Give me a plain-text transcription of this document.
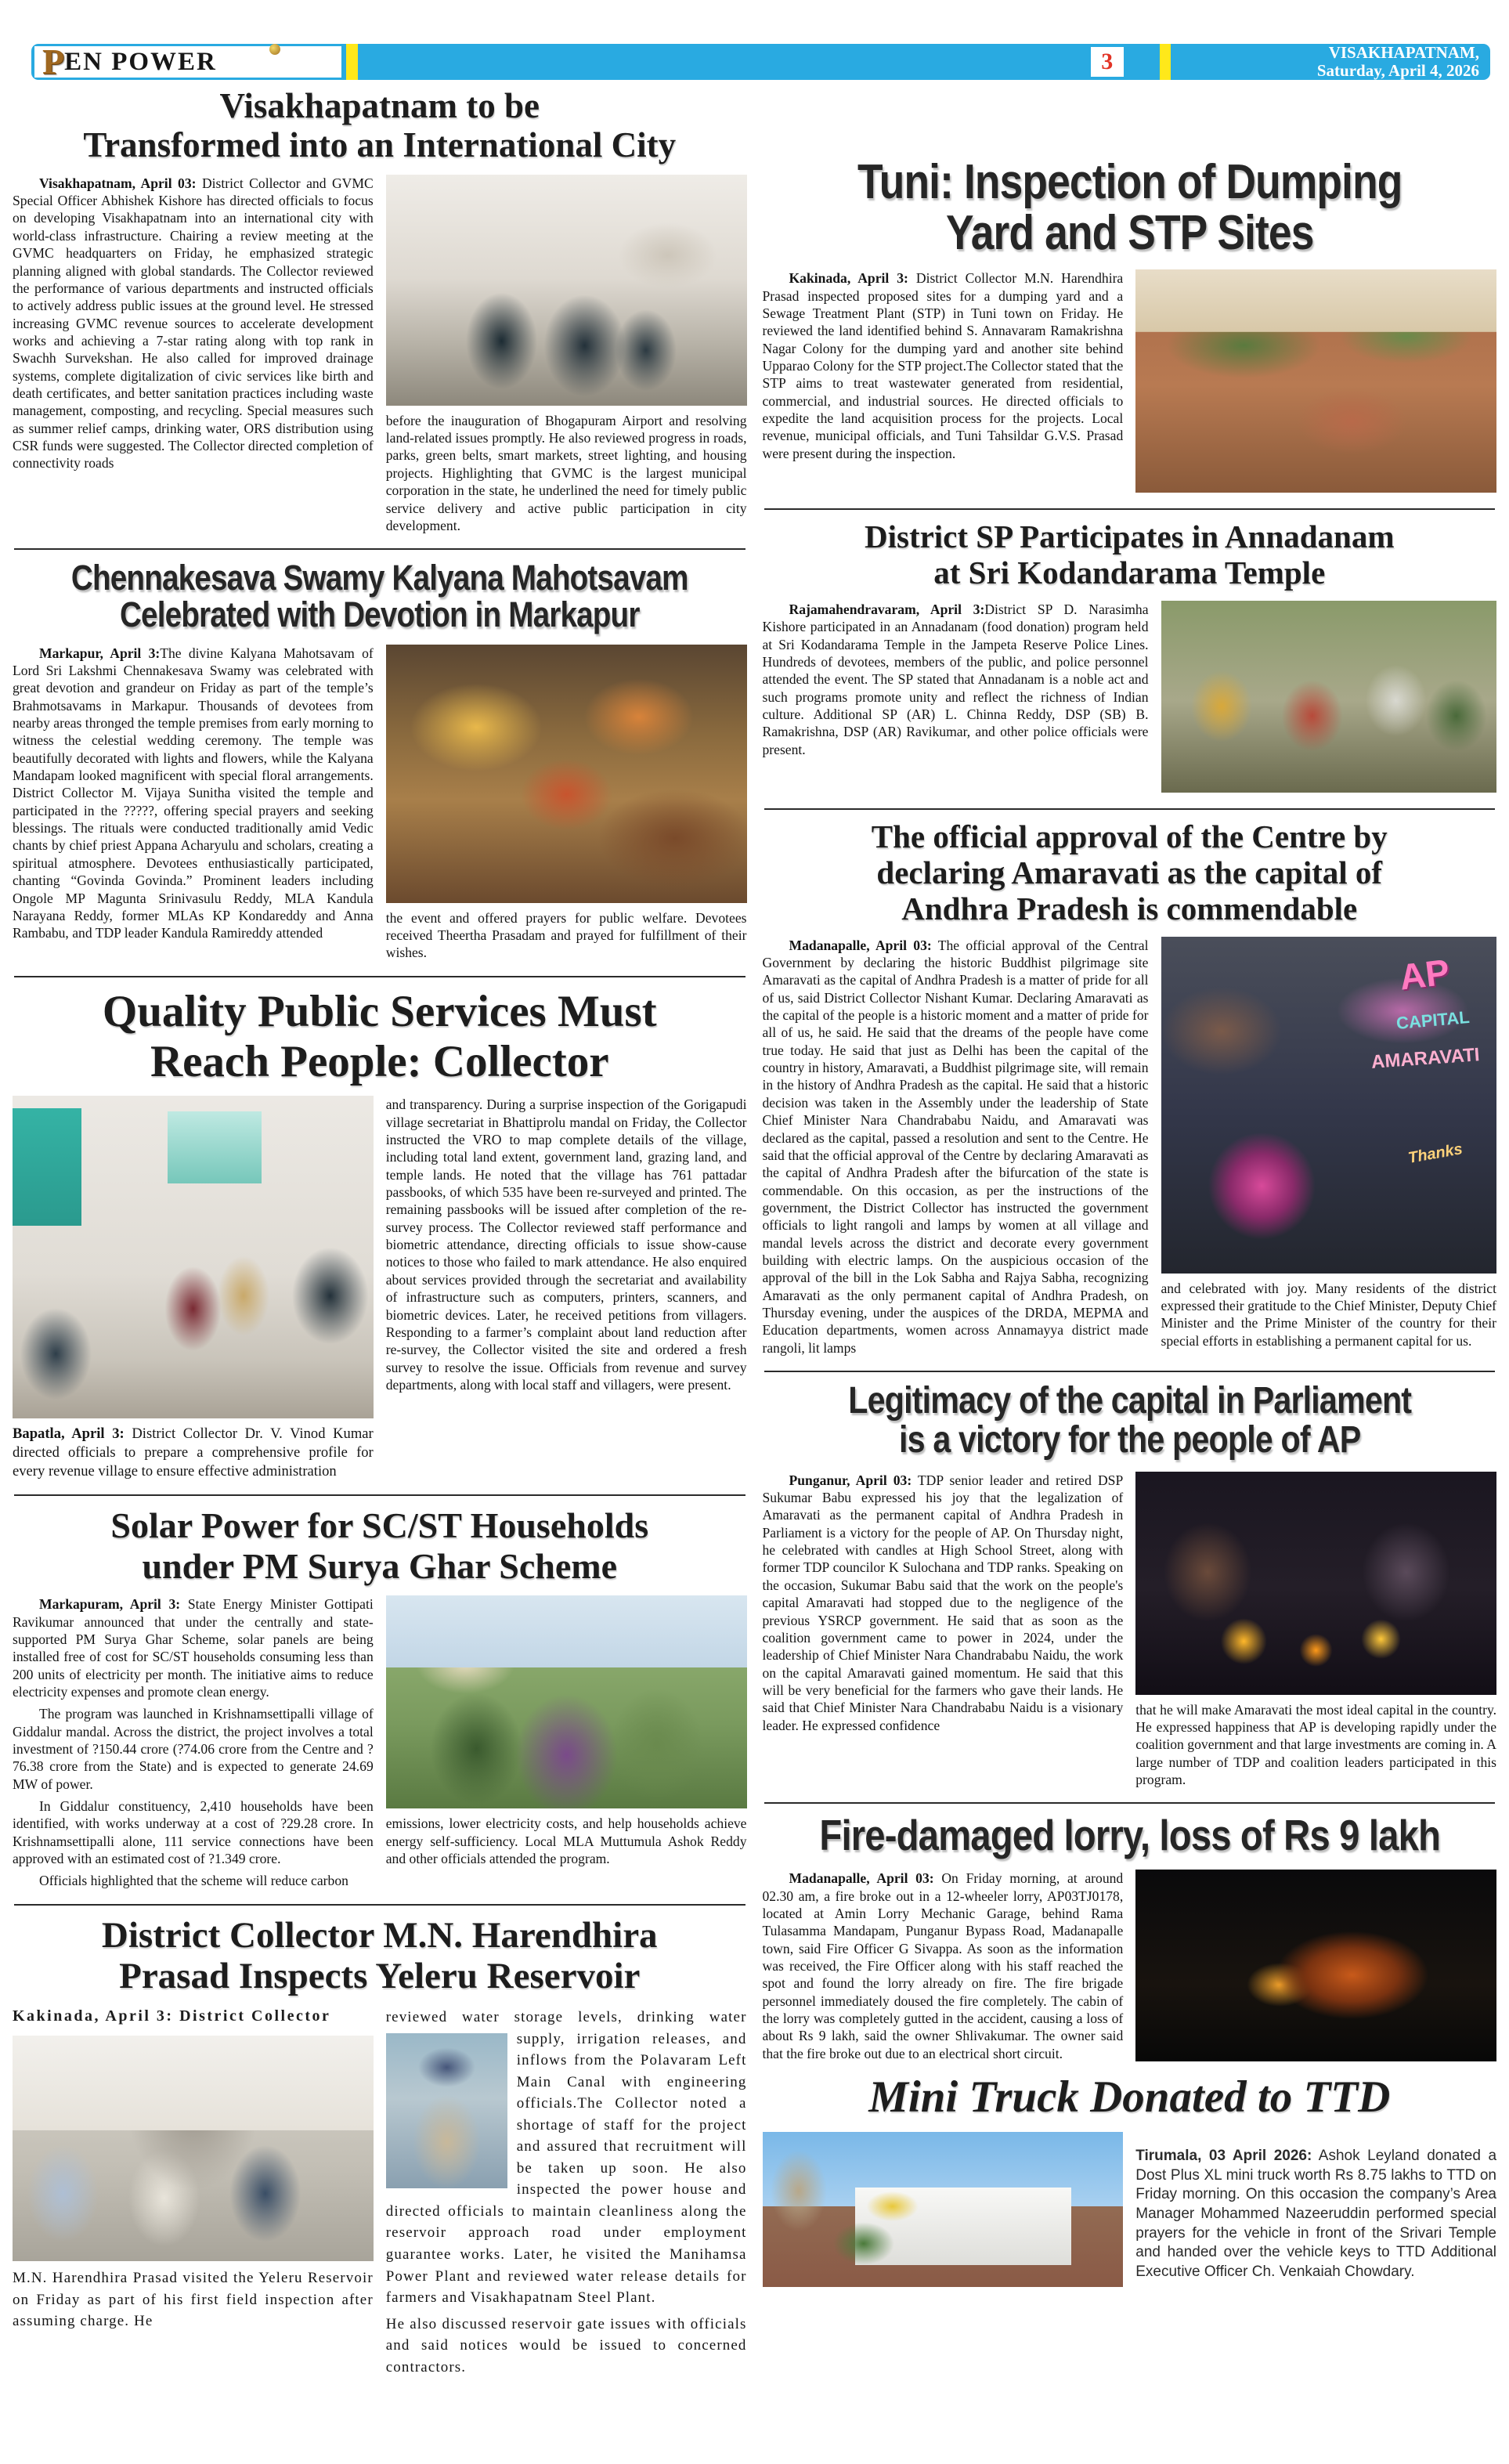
P EN POWER	3	VISAKHAPATNAM,
Saturday, April 4, 2026
Visakhapatnam to be
Transformed into an International City

Visakhapatnam, April 03: District Collector and GVMC Special Officer Abhishek Kishore has directed officials to focus on developing Visakhapatnam into an international city with world-class infrastructure. Chairing a review meeting at the GVMC headquarters on Friday, he emphasized strategic planning aligned with global standards. The Collector reviewed the performance of various departments and instructed officials to actively address public issues at the ground level. He stressed increasing GVMC revenue sources to accelerate development works and achieving a 7-star rating along with top rank in Swachh Survekshan. He also called for improved drainage systems, complete digitalization of civic services like birth and death certificates, and better sanitation practices including waste management, composting, and recycling. Special measures such as summer relief camps, drinking water, ORS distribution using CSR funds were suggested. The Collector directed completion of connectivity roads

before the inauguration of Bhogapuram Airport and resolving land-related issues promptly. He also reviewed progress in roads, parks, green belts, smart markets, street lighting, and housing projects. Highlighting that GVMC is the largest municipal corporation in the state, he underlined the need for timely public service delivery and active public participation in city development.

Chennakesava Swamy Kalyana Mahotsavam
Celebrated with Devotion in Markapur

Markapur, April 3:The divine Kalyana Mahotsavam of Lord Sri Lakshmi Chennakesava Swamy was celebrated with great devotion and grandeur on Friday as part of the temple’s Brahmotsavams in Markapur. Thousands of devotees from nearby areas thronged the temple premises from early morning to witness the celestial wedding ceremony. The temple was beautifully decorated with lights and flowers, while the Kalyana Mandapam looked magnificent with special floral arrangements. District Collector M. Vijaya Sunitha visited the temple and participated in the ?????, offering special prayers and seeking blessings. The rituals were conducted traditionally amid Vedic chants by chief priest Appana Acharyulu and scholars, creating a spiritual atmosphere. Devotees enthusiastically participated, chanting “Govinda Govinda.” Prominent leaders including Ongole MP Magunta Srinivasulu Reddy, MLA Kandula Narayana Reddy, former MLAs KP Kondareddy and Anna Rambabu, and TDP leader Kandula Ramireddy attended

the event and offered prayers for public welfare. Devotees received Theertha Prasadam and prayed for fulfillment of their wishes.

Quality Public Services Must
Reach People: Collector

Bapatla, April 3: District Collector Dr. V. Vinod Kumar directed officials to prepare a comprehensive profile for every revenue village to ensure effective administration

and transparency. During a surprise inspection of the Gorigapudi village secretariat in Bhattiprolu mandal on Friday, the Collector instructed the VRO to map complete details of the village, including total land extent, government land, grazing land, and temple lands. He noted that the village has 761 pattadar passbooks, of which 535 have been re-surveyed and printed. The remaining passbooks will be issued after completion of the re-survey process. The Collector reviewed staff performance and biometric attendance, directing officials to issue show-cause notices to those who failed to mark attendance. He also enquired about services provided through the secretariat and availability of infrastructure such as computers, printers, scanners, and biometric devices. Later, he received petitions from villagers. Responding to a farmer’s complaint about land reduction after re-survey, the Collector visited the site and ordered a fresh survey to resolve the issue. Officials from revenue and survey departments, along with local staff and villagers, were present.

Solar Power for SC/ST Households
under PM Surya Ghar Scheme

Markapuram, April 3: State Energy Minister Gottipati Ravikumar announced that under the centrally and state-supported PM Surya Ghar Scheme, solar panels are being installed free of cost for SC/ST households consuming less than 200 units of electricity per month. The initiative aims to reduce electricity expenses and promote clean energy.

The program was launched in Krishnamsettipalli village of Giddalur mandal. Across the district, the project involves a total investment of ?150.44 crore (?74.06 crore from the Centre and ?76.38 crore from the State) and is expected to generate 24.69 MW of power.

In Giddalur constituency, 2,410 households have been identified, with works underway at a cost of ?29.28 crore. In Krishnamsettipalli alone, 111 service connections have been approved with an estimated cost of ?1.349 crore.

Officials highlighted that the scheme will reduce carbon

emissions, lower electricity costs, and help households achieve energy self-sufficiency. Local MLA Muttumula Ashok Reddy and other officials attended the program.

District Collector M.N. Harendhira
Prasad Inspects Yeleru Reservoir

Kakinada, April 3: District Collector

M.N. Harendhira Prasad visited the Yeleru Reservoir on Friday as part of his first field inspection after assuming charge. He

reviewed water storage levels, drinking water supply, irrigation releases, and inflows from the Polavaram Left Main Canal with engineering officials.The Collector noted a shortage of staff for the project and assured that recruitment will be taken up soon. He also inspected the power house and directed officials to maintain cleanliness along the reservoir approach road under employment guarantee works. Later, he visited the Manihamsa Power Plant and reviewed water release details for farmers and Visakhapatnam Steel Plant.

He also discussed reservoir gate issues with officials and said notices would be issued to concerned contractors.

Tuni: Inspection of Dumping
Yard and STP Sites

Kakinada, April 3: District Collector M.N. Harendhira Prasad inspected proposed sites for a dumping yard and a Sewage Treatment Plant (STP) in Tuni town on Friday. He reviewed the land identified behind S. Annavaram Ramakrishna Nagar Colony for the dumping yard and another site behind Upparao Colony for the STP project.The Collector stated that the STP aims to treat wastewater generated from residential, commercial, and industrial sources. He directed officials to expedite the land acquisition process for the projects. Local revenue, municipal officials, and Tuni Tahsildar G.V.S. Prasad were present during the inspection.

District SP Participates in Annadanam
at Sri Kodandarama Temple

Rajamahendravaram, April 3:District SP D. Narasimha Kishore participated in an Annadanam (food donation) program held at Sri Kodandarama Temple in the Jampeta Reserve Police Lines. Hundreds of devotees, members of the public, and police personnel attended the event. The SP stated that Annadanam is a noble act and such programs promote unity and reflect the richness of Indian culture. Additional SP (AR) L. Chinna Reddy, DSP (SB) B. Ramakrishna, DSP (AR) Ravikumar, and other police officials were present.

The official approval of the Centre by
declaring Amaravati as the capital of
Andhra Pradesh is commendable

Madanapalle, April 03: The official approval of the Central Government by declaring the historic Buddhist pilgrimage site Amaravati as the capital of Andhra Pradesh is a matter of pride for all of us, said District Collector Nishant Kumar. Declaring Amaravati as the capital of the people is a historic moment and a matter of pride for all of us, he said. He said that the dreams of the people have come true today. He said that just as Delhi has been the capital of the country in history, Amaravati, a Buddhist pilgrimage site, will remain in the history of Andhra Pradesh as the capital. He said that a historic decision was taken in the Assembly under the leadership of State Chief Minister Nara Chandrababu Naidu, and Amaravati was declared as the capital, passed a resolution and sent to the Centre. He said that the official approval of the Centre by declaring Amaravati as the capital of Andhra Pradesh after the bifurcation of the state is commendable. On this occasion, as per the instructions of the government, the District Collector has instructed the government officials to light rangoli and lamps by women at all village and mandal levels across the district and decorate every government building with electric lamps. On the auspicious occasion of the approval of the bill in the Lok Sabha and Rajya Sabha, recognizing Amaravati as the only permanent capital of Andhra Pradesh, on Thursday evening, under the auspices of the DRDA, MEPMA and Education departments, women across Annamayya district made rangoli, lit lamps

AP
CAPITAL
AMARAVATI
Thanks

and celebrated with joy. Many residents of the district expressed their gratitude to the Chief Minister, Deputy Chief Minister and the Prime Minister of the country for their special efforts in establishing a permanent capital for us.

Legitimacy of the capital in Parliament
is a victory for the people of AP

Punganur, April 03: TDP senior leader and retired DSP Sukumar Babu expressed his joy that the legalization of Amaravati as the permanent capital of Andhra Pradesh in Parliament is a victory for the people of AP. On Thursday night, he celebrated with candles at High School Street, along with former TDP councilor K Sulochana and TDP ranks. Speaking on the occasion, Sukumar Babu said that the work on the people's capital Amaravati had stopped due to the negligence of the previous YSRCP government. He said that as soon as the coalition government came to power in 2024, under the leadership of Chief Minister Nara Chandrababu Naidu, the work on the capital Amaravati gained momentum. He said that this will be very beneficial for the farmers who gave their lands. He said that Chief Minister Nara Chandrababu Naidu is a visionary leader. He expressed confidence

that he will make Amaravati the most ideal capital in the country. He expressed happiness that AP is developing rapidly under the coalition government and that large investments are coming in. A large number of TDP and coalition leaders participated in this program.

Fire-damaged lorry, loss of Rs 9 lakh

Madanapalle, April 03: On Friday morning, at around 02.30 am, a fire broke out in a 12-wheeler lorry, AP03TJ0178, located at Amin Lorry Mechanic Garage, behind Rama Tulasamma Mandapam, Punganur Bypass Road, Madanapalle town, said Fire Officer G Sivappa. As soon as the information was received, the Fire Officer along with his staff reached the spot and found the lorry already on fire. The fire brigade personnel immediately doused the fire completely. The cabin of the lorry was completely gutted in the accident, causing a loss of about Rs 9 lakh, said the owner Shlivakumar. The owner said that the fire broke out due to an electrical short circuit.

Mini Truck Donated to TTD

Tirumala, 03 April 2026: Ashok Leyland donated a Dost Plus XL mini truck worth Rs 8.75 lakhs to TTD on Friday morning. On this occasion the company’s Area Manager Mohammed Nazeeruddin performed special prayers for the vehicle in front of the Srivari Temple and handed over the vehicle keys to TTD Additional Executive Officer Ch. Venkaiah Chowdary.
